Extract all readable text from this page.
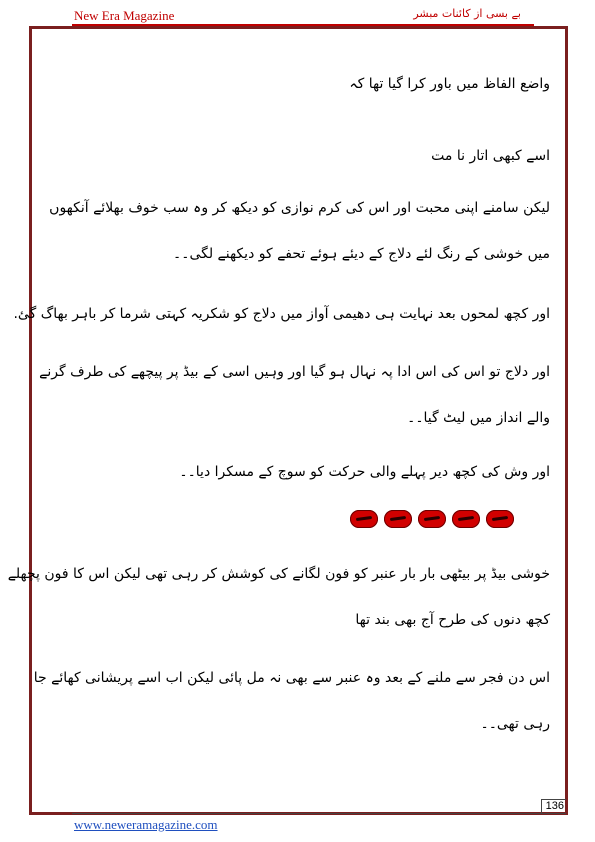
New Era Magazine	بے بسی از کائنات مبشر
واضع الفاظ میں باور کرا گیا تھا کہ
اسے کبھی اتار نا مت
لیکن سامنے اپنی محبت اور اس کی کرم نوازی کو دیکھ کر وہ سب خوف بھلائے آنکھوں
میں خوشی کے رنگ لئے دلاج کے دیئے ہوئے تحفے کو دیکھنے لگی۔۔
اور کچھ لمحوں بعد نہایت ہی دھیمی آواز میں دلاج کو شکریہ کہتی شرما کر باہر بھاگ گئ.
اور دلاج تو اس کی اس ادا پہ نہال ہو گیا اور وہیں اسی کے بیڈ پر پیچھے کی طرف گرنے
والے انداز میں لیٹ گیا۔۔
اور وش کی کچھ دیر پہلے والی حرکت کو سوچ کے مسکرا دیا۔۔
خوشی بیڈ پر بیٹھی بار بار عنبر کو فون لگانے کی کوشش کر رہی تھی لیکن اس کا فون پچھلے
کچھ دنوں کی طرح آج بھی بند تھا
اس دن فجر سے ملنے کے بعد وہ عنبر سے بھی نہ مل پائی لیکن اب اسے پریشانی کھائے جا
رہی تھی۔۔
136
www.neweramagazine.com
